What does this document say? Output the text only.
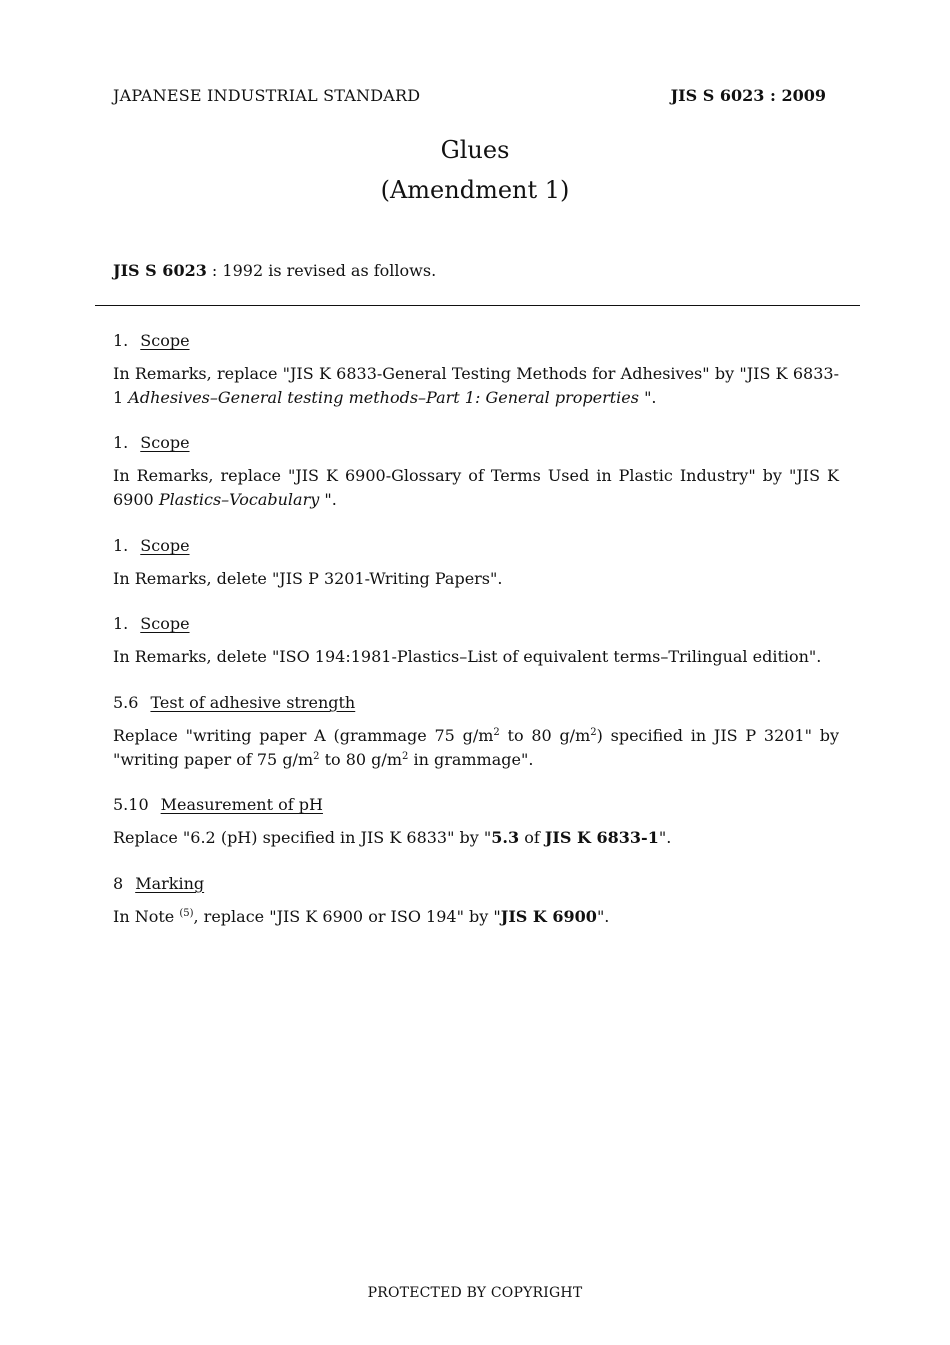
JAPANESE INDUSTRIAL STANDARD	JIS S 6023 : 2009
Glues
(Amendment 1)
JIS S 6023 : 1992 is revised as follows.
1. Scope

In Remarks, replace "JIS K 6833-General Testing Methods for Adhesives" by "JIS K 6833-1 Adhesives–General testing methods–Part 1: General properties ".

1. Scope

In Remarks, replace "JIS K 6900-Glossary of Terms Used in Plastic Industry" by "JIS K 6900 Plastics–Vocabulary ".

1. Scope

In Remarks, delete "JIS P 3201-Writing Papers".

1. Scope

In Remarks, delete "ISO 194:1981-Plastics–List of equivalent terms–Trilingual edition".

5.6 Test of adhesive strength

Replace "writing paper A (grammage 75 $g/m^2$ to 80 $g/m^2$) specified in JIS P 3201" by "writing paper of 75 $g/m^2$ to 80 $g/m^2$ in grammage".

5.10 Measurement of pH

Replace "6.2 (pH) specified in JIS K 6833" by "5.3 of JIS K 6833-1".

8 Marking

In Note $^{(5)}$, replace "JIS K 6900 or ISO 194" by "JIS K 6900".

PROTECTED BY COPYRIGHT
